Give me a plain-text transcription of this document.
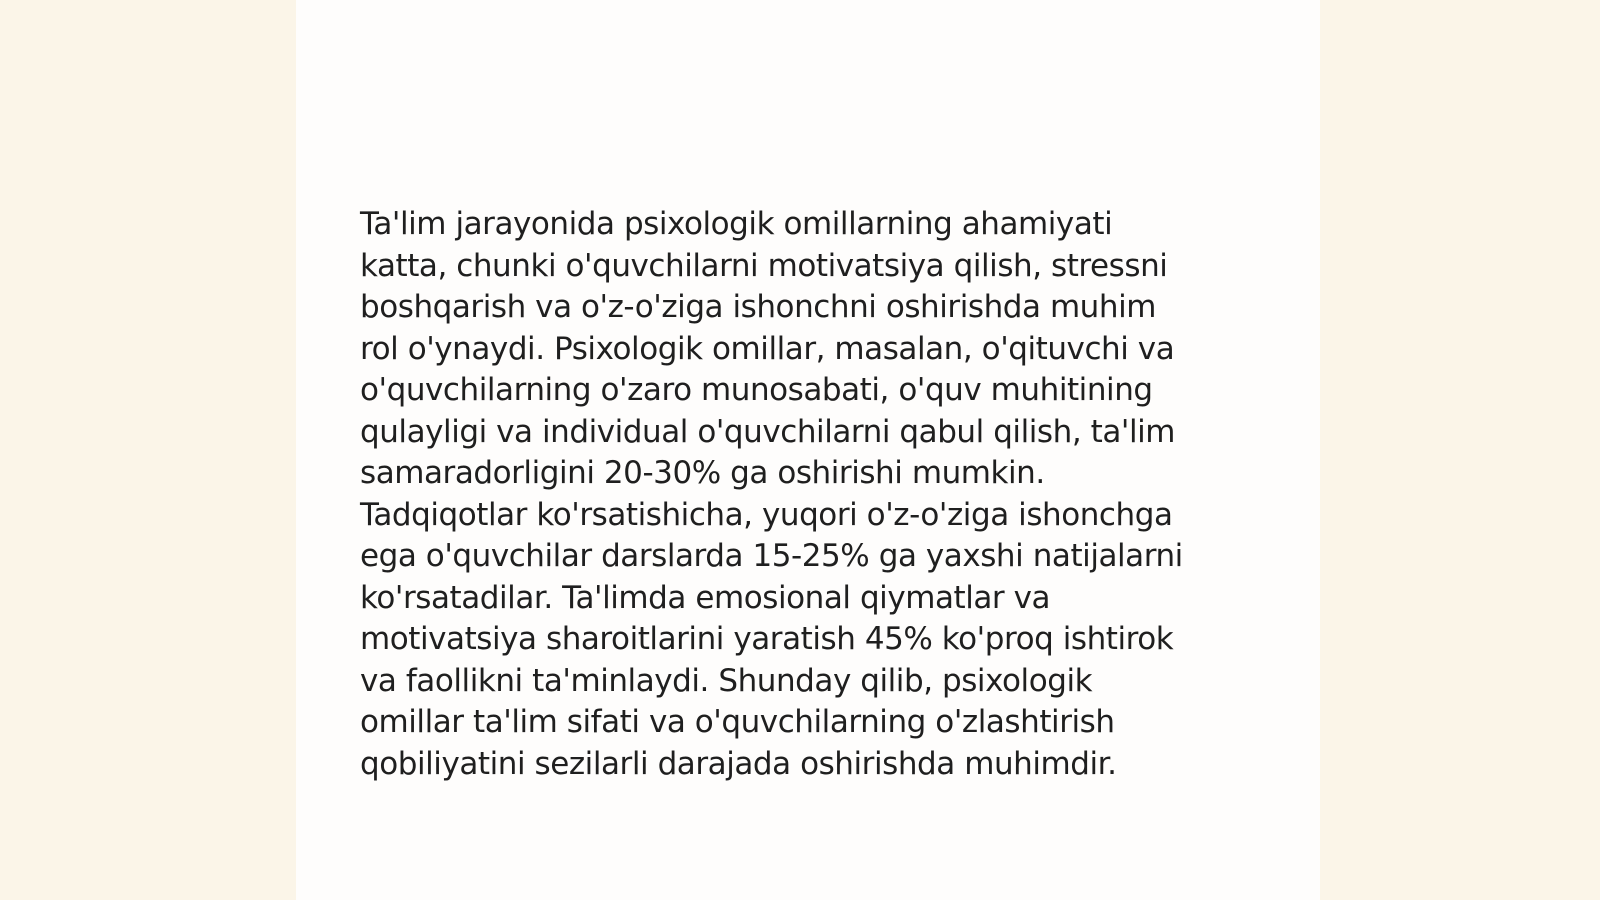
Ta'lim jarayonida psixologik omillarning ahamiyati
katta, chunki o'quvchilarni motivatsiya qilish, stressni
boshqarish va o'z-o'ziga ishonchni oshirishda muhim
rol o'ynaydi. Psixologik omillar, masalan, o'qituvchi va
o'quvchilarning o'zaro munosabati, o'quv muhitining
qulayligi va individual o'quvchilarni qabul qilish, ta'lim
samaradorligini 20-30% ga oshirishi mumkin.
Tadqiqotlar ko'rsatishicha, yuqori o'z-o'ziga ishonchga
ega o'quvchilar darslarda 15-25% ga yaxshi natijalarni
ko'rsatadilar. Ta'limda emosional qiymatlar va
motivatsiya sharoitlarini yaratish 45% ko'proq ishtirok
va faollikni ta'minlaydi. Shunday qilib, psixologik
omillar ta'lim sifati va o'quvchilarning o'zlashtirish
qobiliyatini sezilarli darajada oshirishda muhimdir.
